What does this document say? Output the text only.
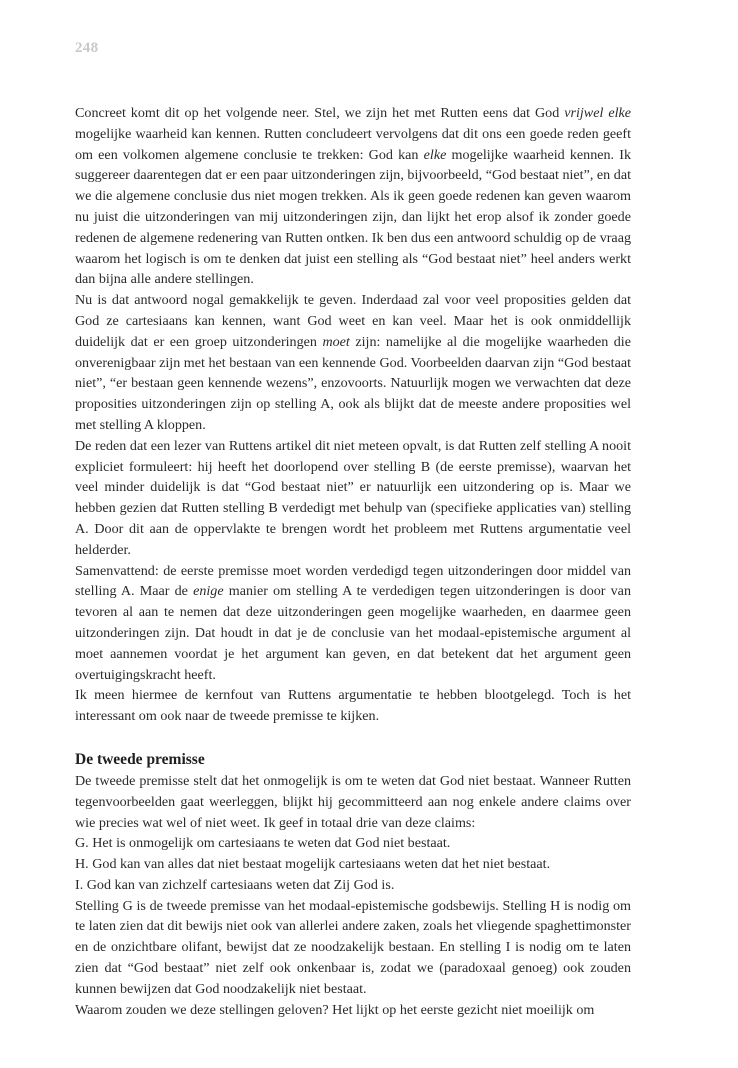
248

Concreet komt dit op het volgende neer. Stel, we zijn het met Rutten eens dat God vrijwel elke mogelijke waarheid kan kennen. Rutten concludeert vervolgens dat dit ons een goede reden geeft om een volkomen algemene conclusie te trekken: God kan elke mogelijke waarheid kennen. Ik suggereer daarentegen dat er een paar uitzonderingen zijn, bijvoorbeeld, “God bestaat niet”, en dat we die algemene conclusie dus niet mogen trekken. Als ik geen goede redenen kan geven waarom nu juist die uitzonderingen van mij uitzonderingen zijn, dan lijkt het erop alsof ik zonder goede redenen de algemene redenering van Rutten ontken. Ik ben dus een antwoord schuldig op de vraag waarom het logisch is om te denken dat juist een stelling als “God bestaat niet” heel anders werkt dan bijna alle andere stellingen.

Nu is dat antwoord nogal gemakkelijk te geven. Inderdaad zal voor veel proposities gelden dat God ze cartesiaans kan kennen, want God weet en kan veel. Maar het is ook onmiddellijk duidelijk dat er een groep uitzonderingen moet zijn: namelijke al die mogelijke waarheden die onverenigbaar zijn met het bestaan van een kennende God. Voorbeelden daarvan zijn “God bestaat niet”, “er bestaan geen kennende wezens”, enzovoorts. Natuurlijk mogen we verwachten dat deze proposities uitzonderingen zijn op stelling A, ook als blijkt dat de meeste andere proposities wel met stelling A kloppen.

De reden dat een lezer van Ruttens artikel dit niet meteen opvalt, is dat Rutten zelf stelling A nooit expliciet formuleert: hij heeft het doorlopend over stelling B (de eerste premisse), waarvan het veel minder duidelijk is dat “God bestaat niet” er natuurlijk een uitzondering op is. Maar we hebben gezien dat Rutten stelling B verdedigt met behulp van (specifieke applicaties van) stelling A. Door dit aan de oppervlakte te brengen wordt het probleem met Ruttens argumentatie veel helderder.

Samenvattend: de eerste premisse moet worden verdedigd tegen uitzonderingen door middel van stelling A. Maar de enige manier om stelling A te verdedigen tegen uitzonderingen is door van tevoren al aan te nemen dat deze uitzonderingen geen mogelijke waarheden, en daarmee geen uitzonderingen zijn. Dat houdt in dat je de conclusie van het modaal-epistemische argument al moet aannemen voordat je het argument kan geven, en dat betekent dat het argument geen overtuigingskracht heeft.

Ik meen hiermee de kernfout van Ruttens argumentatie te hebben blootgelegd. Toch is het interessant om ook naar de tweede premisse te kijken.

De tweede premisse

De tweede premisse stelt dat het onmogelijk is om te weten dat God niet bestaat. Wanneer Rutten tegenvoorbeelden gaat weerleggen, blijkt hij gecommitteerd aan nog enkele andere claims over wie precies wat wel of niet weet. Ik geef in totaal drie van deze claims:

G. Het is onmogelijk om cartesiaans te weten dat God niet bestaat.

H. God kan van alles dat niet bestaat mogelijk cartesiaans weten dat het niet bestaat.

I. God kan van zichzelf cartesiaans weten dat Zij God is.

Stelling G is de tweede premisse van het modaal-epistemische godsbewijs. Stelling H is nodig om te laten zien dat dit bewijs niet ook van allerlei andere zaken, zoals het vliegende spaghettimonster en de onzichtbare olifant, bewijst dat ze noodzakelijk bestaan. En stelling I is nodig om te laten zien dat “God bestaat” niet zelf ook onkenbaar is, zodat we (paradoxaal genoeg) ook zouden kunnen bewijzen dat God noodzakelijk niet bestaat.

Waarom zouden we deze stellingen geloven? Het lijkt op het eerste gezicht niet moeilijk om
